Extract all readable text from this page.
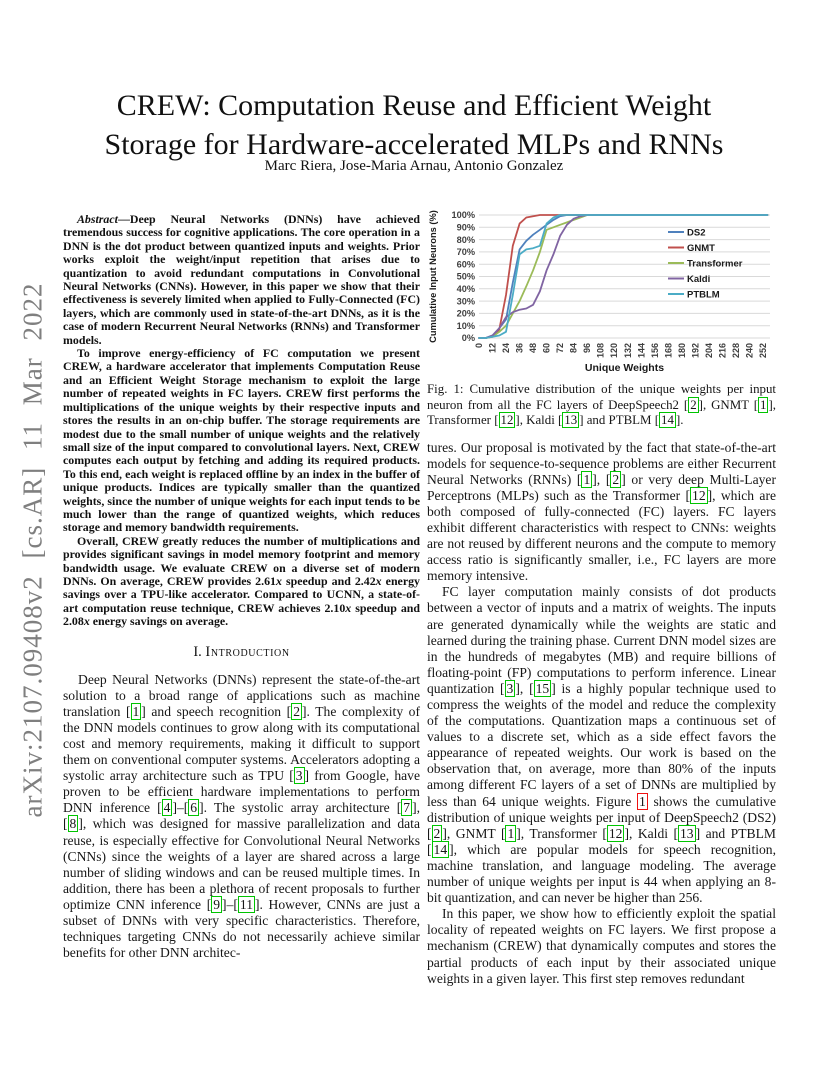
arXiv:2107.09408v2 [cs.AR] 11 Mar 2022
CREW: Computation Reuse and Efficient Weight Storage for Hardware-accelerated MLPs and RNNs
Marc Riera, Jose-Maria Arnau, Antonio Gonzalez

Abstract—Deep Neural Networks (DNNs) have achieved tremendous success for cognitive applications. The core operation in a DNN is the dot product between quantized inputs and weights. Prior works exploit the weight/input repetition that arises due to quantization to avoid redundant computations in Convolutional Neural Networks (CNNs). However, in this paper we show that their effectiveness is severely limited when applied to Fully-Connected (FC) layers, which are commonly used in state-of-the-art DNNs, as it is the case of modern Recurrent Neural Networks (RNNs) and Transformer models.

To improve energy-efficiency of FC computation we present CREW, a hardware accelerator that implements Computation Reuse and an Efficient Weight Storage mechanism to exploit the large number of repeated weights in FC layers. CREW first performs the multiplications of the unique weights by their respective inputs and stores the results in an on-chip buffer. The storage requirements are modest due to the small number of unique weights and the relatively small size of the input compared to convolutional layers. Next, CREW computes each output by fetching and adding its required products. To this end, each weight is replaced offline by an index in the buffer of unique products. Indices are typically smaller than the quantized weights, since the number of unique weights for each input tends to be much lower than the range of quantized weights, which reduces storage and memory bandwidth requirements.

Overall, CREW greatly reduces the number of multiplications and provides significant savings in model memory footprint and memory bandwidth usage. We evaluate CREW on a diverse set of modern DNNs. On average, CREW provides 2.61x speedup and 2.42x energy savings over a TPU-like accelerator. Compared to UCNN, a state-of-art computation reuse technique, CREW achieves 2.10x speedup and 2.08x energy savings on average.

I. Introduction

Deep Neural Networks (DNNs) represent the state-of-the-art solution to a broad range of applications such as machine translation [ 1 ] and speech recognition [ 2 ]. The complexity of the DNN models continues to grow along with its computational cost and memory requirements, making it difficult to support them on conventional computer systems. Accelerators adopting a systolic array architecture such as TPU [ 3 ] from Google, have proven to be efficient hardware implementations to perform DNN inference [ 4 ]–[ 6 ]. The systolic array architecture [ 7 ], [ 8 ], which was designed for massive parallelization and data reuse, is especially effective for Convolutional Neural Networks (CNNs) since the weights of a layer are shared across a large number of sliding windows and can be reused multiple times. In addition, there has been a plethora of recent proposals to further optimize CNN inference [ 9 ]–[ 11 ]. However, CNNs are just a subset of DNNs with very specific characteristics. Therefore, techniques targeting CNNs do not necessarily achieve similar benefits for other DNN architec-

0%
10%
20%
30%
40%
50%
60%
70%
80%
90%
100%
0 12 24 36 48 60 72 84 96 108 120 132 144 156 168 180 192 204 216 228 240 252
DS2
GNMT
Transformer
Kaldi
PTBLM
Unique Weights
Cumulative Input Neurons (%)
Fig. 1: Cumulative distribution of the unique weights per input neuron from all the FC layers of DeepSpeech2 [ 2 ], GNMT [ 1 ], Transformer [ 12 ], Kaldi [ 13 ] and PTBLM [ 14 ].

tures. Our proposal is motivated by the fact that state-of-the-art models for sequence-to-sequence problems are either Recurrent Neural Networks (RNNs) [ 1 ], [ 2 ] or very deep Multi-Layer Perceptrons (MLPs) such as the Transformer [ 12 ], which are both composed of fully-connected (FC) layers. FC layers exhibit different characteristics with respect to CNNs: weights are not reused by different neurons and the compute to memory access ratio is significantly smaller, i.e., FC layers are more memory intensive.

FC layer computation mainly consists of dot products between a vector of inputs and a matrix of weights. The inputs are generated dynamically while the weights are static and learned during the training phase. Current DNN model sizes are in the hundreds of megabytes (MB) and require billions of floating-point (FP) computations to perform inference. Linear quantization [ 3 ], [ 15 ] is a highly popular technique used to compress the weights of the model and reduce the complexity of the computations. Quantization maps a continuous set of values to a discrete set, which as a side effect favors the appearance of repeated weights. Our work is based on the observation that, on average, more than 80% of the inputs among different FC layers of a set of DNNs are multiplied by less than 64 unique weights. Figure 1 shows the cumulative distribution of unique weights per input of DeepSpeech2 (DS2) [ 2 ], GNMT [ 1 ], Transformer [ 12 ], Kaldi [ 13 ] and PTBLM [ 14 ], which are popular models for speech recognition, machine translation, and language modeling. The average number of unique weights per input is 44 when applying an 8-bit quantization, and can never be higher than 256.

In this paper, we show how to efficiently exploit the spatial locality of repeated weights on FC layers. We first propose a mechanism (CREW) that dynamically computes and stores the partial products of each input by their associated unique weights in a given layer. This first step removes redundant
